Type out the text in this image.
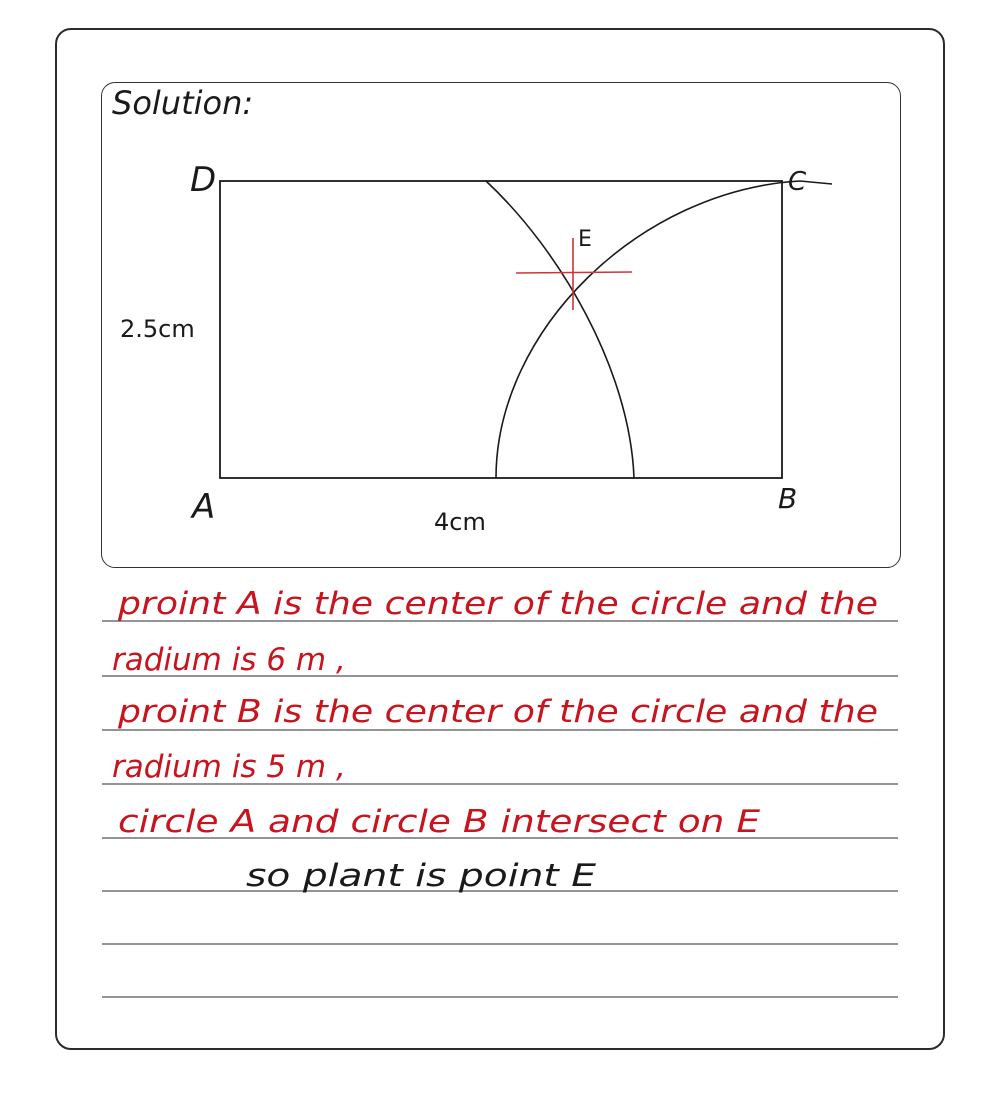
Solution:
D	C
E
A	B
2.5cm
4cm
proint A is the center of the circle and the
radium is 6 m ,
proint B is the center of the circle and the
radium is 5 m ,
circle A and circle B intersect on E
so plant is point E
